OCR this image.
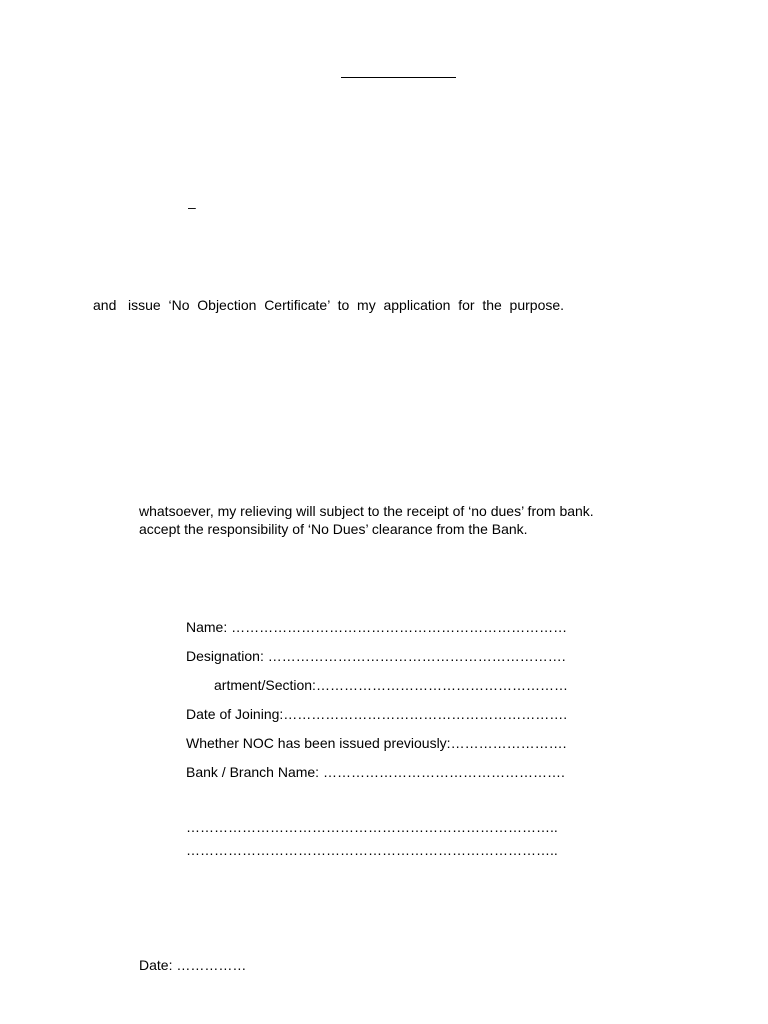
–

and   issue  ‘No  Objection  Certificate’  to  my  application  for  the  purpose.

whatsoever, my relieving will subject to the receipt of ‘no dues’ from bank.

accept the responsibility of ‘No Dues’ clearance from the Bank.

Name: ………………………………………………………………

Designation: ……………………………………………………….

artment/Section:………………………………………………

Date of Joining:…………………………………………………….

Whether NOC has been issued previously:…………………….

Bank / Branch Name: …………………………………………….

……………………………………………………………………..

……………………………………………………………………..

Date: ……………
